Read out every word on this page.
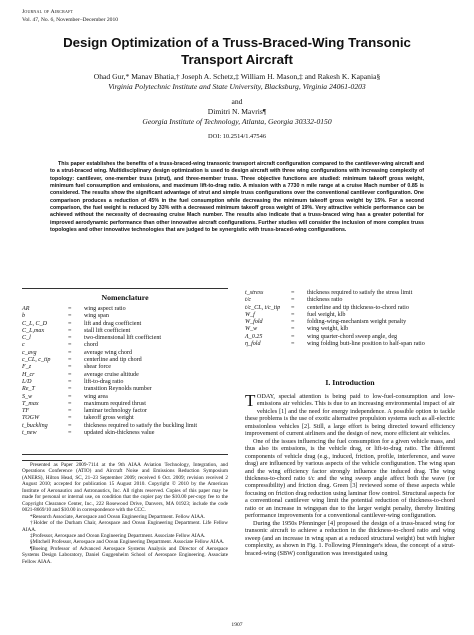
Journal of Aircraft
Vol. 47, No. 6, November–December 2010
Design Optimization of a Truss-Braced-Wing Transonic
Transport Aircraft
Ohad Gur,* Manav Bhatia,† Joseph A. Schetz,‡ William H. Mason,‡ and Rakesh K. Kapania§
Virginia Polytechnic Institute and State University, Blacksburg, Virginia 24061-0203
and
Dimitri N. Mavris¶
Georgia Institute of Technology, Atlanta, Georgia 30332-0150
DOI: 10.2514/1.47546

This paper establishes the benefits of a truss-braced-wing transonic transport aircraft configuration compared to the cantilever-wing aircraft and to a strut-braced wing. Multidisciplinary design optimization is used to design aircraft with three wing configurations with increasing complexity of topology: cantilever, one-member truss (strut), and three-member truss. Three objective functions are studied: minimum takeoff gross weight, minimum fuel consumption and emissions, and maximum lift-to-drag ratio. A mission with a 7730 n mile range at a cruise Mach number of 0.85 is considered. The results show the significant advantage of strut and simple truss configurations over the conventional cantilever configuration. One comparison produces a reduction of 45% in the fuel consumption while decreasing the minimum takeoff gross weight by 15%. For a second comparison, the fuel weight is reduced by 33% with a decreased minimum takeoff gross weight of 19%. Very attractive vehicle performance can be achieved without the necessity of decreasing cruise Mach number. The results also indicate that a truss-braced wing has a greater potential for improved aerodynamic performance than other innovative aircraft configurations. Further studies will consider the inclusion of more complex truss topologies and other innovative technologies that are judged to be synergistic with truss-braced-wing configurations.

Nomenclature
AR	=	wing aspect ratio
b	=	wing span
C_L, C_D	=	lift and drag coefficient
C_L,max	=	stall lift coefficient
C_l	=	two-dimensional lift coefficient
c	=	chord
c_avg	=	average wing chord
c_CL, c_tip	=	centerline and tip chord
F_z	=	shear force
H_cr	=	average cruise altitude
L/D	=	lift-to-drag ratio
Re_T	=	transition Reynolds number
S_w	=	wing area
T_max	=	maximum required thrust
TF	=	laminar technology factor
TOGW	=	takeoff gross weight
t_buckling	=	thickness required to satisfy the buckling limit
t_new	=	updated skin-thickness value
t_stress	=	thickness required to satisfy the stress limit
t/c	=	thickness ratio
t/c_CL, t/c_tip	=	centerline and tip thickness-to-chord ratio
W_f	=	fuel weight, klb
W_fold	=	folding-wing-mechanism weight penalty
W_w	=	wing weight, klb
Λ_0.25	=	wing quarter-chord sweep angle, deg
η_fold	=	wing folding butt-line position to half-span ratio

Presented as Paper 2009-7114 at the 9th AIAA Aviation Technology, Integration, and Operations Conference (ATIO) and Aircraft Noise and Emissions Reduction Symposium (ANERS), Hilton Head, SC, 21–23 September 2009; received 6 Oct. 2009; revision received 2 August 2010; accepted for publication 15 August 2010. Copyright © 2010 by the American Institute of Aeronautics and Astronautics, Inc. All rights reserved. Copies of this paper may be made for personal or internal use, on condition that the copier pay the $10.00 per-copy fee to the Copyright Clearance Center, Inc., 222 Rosewood Drive, Danvers, MA 01923; include the code 0021-8669/10 and $10.00 in correspondence with the CCC.

*Research Associate, Aerospace and Ocean Engineering Department. Fellow AIAA.

†Holder of the Durham Chair, Aerospace and Ocean Engineering Department. Life Fellow AIAA.

‡Professor, Aerospace and Ocean Engineering Department. Associate Fellow AIAA.

§Mitchell Professor, Aerospace and Ocean Engineering Department. Associate Fellow AIAA.

¶Boeing Professor of Advanced Aerospace Systems Analysis and Director of Aerospace Systems Design Laboratory, Daniel Guggenheim School of Aerospace Engineering. Associate Fellow AIAA.

I. Introduction

TODAY, special attention is being paid to low-fuel-consumption and low-emissions air vehicles. This is due to an increasing environmental impact of air vehicles [1] and the need for energy independence. A possible option to tackle these problems is the use of exotic alternative propulsion systems such as all-electric emissionless vehicles [2]. Still, a large effort is being directed toward efficiency improvement of current airliners and the design of new, more efficient air vehicles.

One of the issues influencing the fuel consumption for a given vehicle mass, and thus also its emissions, is the vehicle drag, or lift-to-drag ratio. The different components of vehicle drag (e.g., induced, friction, profile, interference, and wave drag) are influenced by various aspects of the vehicle configuration. The wing span and the wing efficiency factor strongly influence the induced drag. The wing thickness-to-chord ratio t/c and the wing sweep angle affect both the wave (or compressibility) and friction drag. Green [3] reviewed some of these aspects while focusing on friction drag reduction using laminar flow control. Structural aspects for a conventional cantilever wing limit the potential reduction of thickness-to-chord ratio or an increase in wingspan due to the larger weight penalty, thereby limiting performance improvements for a conventional cantilever-wing configuration.

During the 1950s Pfenninger [4] proposed the design of a truss-braced wing for transonic aircraft to achieve a reduction in the thickness-to-chord ratio and wing sweep (and an increase in wing span at a reduced structural weight) but with higher complexity, as shown in Fig. 1. Following Pfenninger's ideas, the concept of a strut-braced-wing (SBW) configuration was investigated using

1907
